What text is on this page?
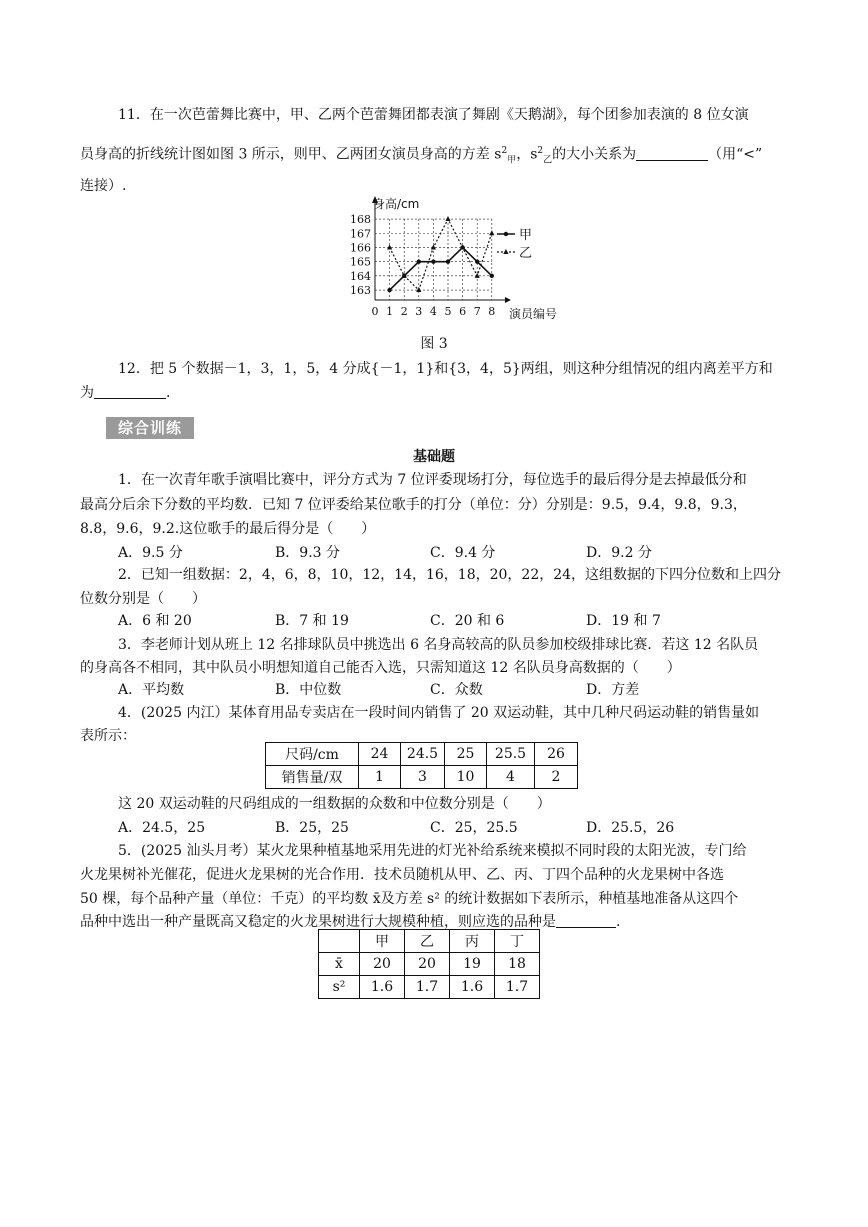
11．在一次芭蕾舞比赛中，甲、乙两个芭蕾舞团都表演了舞剧《天鹅湖》，每个团参加表演的 8 位女演
员身高的折线统计图如图 3 所示，则甲、乙两团女演员身高的方差 $s^2_甲$，$s^2_乙$的大小关系为	（用“<”
连接）.
163
164
165
166
167
168
0 1 2 3 4 5 6 7 8
身高/cm
演员编号
甲
乙
图 3
12．把 5 个数据－1，3，1，5，4 分成{－1，1}和{3，4，5}两组，则这种分组情况的组内离差平方和
为	.
综合训练
基础题
1．在一次青年歌手演唱比赛中，评分方式为 7 位评委现场打分，每位选手的最后得分是去掉最低分和
最高分后余下分数的平均数．已知 7 位评委给某位歌手的打分（单位：分）分别是：9.5，9.4，9.8，9.3，
8.8，9.6，9.2.这位歌手的最后得分是（　　）
A．9.5 分	B．9.3 分	C．9.4 分	D．9.2 分
2．已知一组数据：2，4，6，8，10，12，14，16，18，20，22，24，这组数据的下四分位数和上四分
位数分别是（　　）
A．6 和 20	B．7 和 19	C．20 和 6	D．19 和 7
3．李老师计划从班上 12 名排球队员中挑选出 6 名身高较高的队员参加校级排球比赛．若这 12 名队员
的身高各不相同，其中队员小明想知道自己能否入选，只需知道这 12 名队员身高数据的（　　）
A．平均数	B．中位数	C．众数	D．方差
4．(2025 内江）某体育用品专卖店在一段时间内销售了 20 双运动鞋，其中几种尺码运动鞋的销售量如
表所示：
尺码/cm	24	24.5	25	25.5	26
销售量/双	1	3	10	4	2
这 20 双运动鞋的尺码组成的一组数据的众数和中位数分别是（　　）
A．24.5，25	B．25，25	C．25，25.5	D．25.5，26
5．(2025 汕头月考）某火龙果种植基地采用先进的灯光补给系统来模拟不同时段的太阳光波，专门给
火龙果树补光催花，促进火龙果树的光合作用．技术员随机从甲、乙、丙、丁四个品种的火龙果树中各选
50 棵，每个品种产量（单位：千克）的平均数 x̄及方差 s² 的统计数据如下表所示，种植基地准备从这四个
品种中选出一种产量既高又稳定的火龙果树进行大规模种植，则应选的品种是	.
	甲	乙	丙	丁
x̄	20	20	19	18
s²	1.6	1.7	1.6	1.7
